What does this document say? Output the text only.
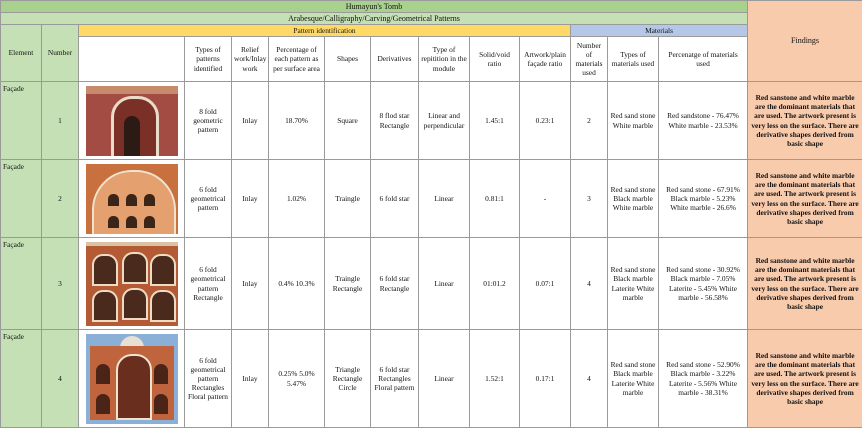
Humayun's Tomb														Findings
Arabesque/Calligraphy/Carving/Geometrical Patterns														
Element	Number	Pattern identification									Materials			
			Types of patterns identified	Relief work/Inlay work	Percentage of each pattern as per surface area	Shapes	Derivatives	Type of repitition in the module	Solid/void ratio	Artwork/plain façade ratio	Number of materials used	Types of materials used	Percenatge of materials used	
Façade	1		8 fold geometric pattern	Inlay	18.70%	Square	8 flod star Rectangle	Linear and perpendicular	1.45:1	0.23:1	2	Red sand stone White marble	Red sandstone - 76.47% White marble - 23.53%	Red sanstone and white marble are the dominant materials that are used. The artwork present is very less on the surface. There are derivative shapes derived from basic shape
Façade	2		6 fold geometrical pattern	Inlay	1.02%	Traingle	6 fold star	Linear	0.81:1	-	3	Red sand stone Black marble White marble	Red sand stone - 67.91% Black marble - 5.23% White marble - 26.6%	Red sanstone and white marble are the dominant materials that are used. The artwork present is very less on the surface. There are derivative shapes derived from basic shape
Façade	3		6 fold geometrical pattern Rectangle	Inlay	0.4% 10.3%	Traingle Rectangle	6 fold star Rectangle	Linear	01:01.2	0.07:1	4	Red sand stone Black marble Laterite White marble	Red sand stone - 30.92% Black marble - 7.05% Laterite - 5.45% White marble - 56.58%	Red sanstone and white marble are the dominant materials that are used. The artwork present is very less on the surface. There are derivative shapes derived from basic shape
Façade	4		6 fold geometrical pattern Rectangles Floral pattern	Inlay	0.25% 5.0% 5.47%	Triangle Rectangle Circle	6 fold star Rectangles Floral pattern	Linear	1.52:1	0.17:1	4	Red sand stone Black marble Laterite White marble	Red sand stone - 52.90% Black marble - 3.22% Laterite - 5.56% White marble - 38.31%	Red sanstone and white marble are the dominant materials that are used. The artwork present is very less on the surface. There are derivative shapes derived from basic shape
